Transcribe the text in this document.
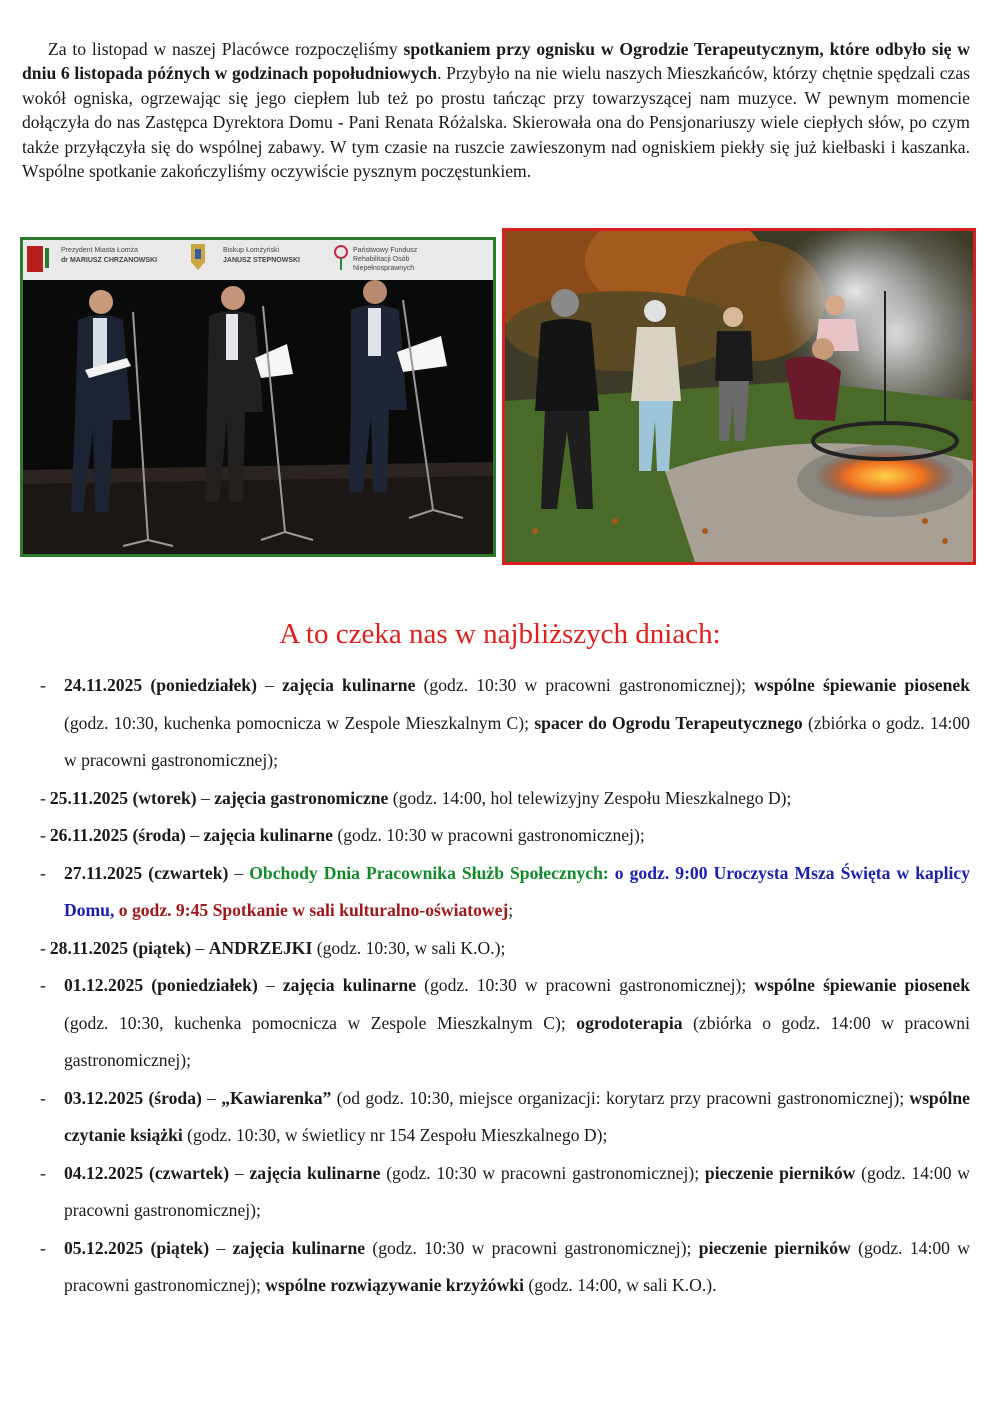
Za to listopad w naszej Placówce rozpoczęliśmy spotkaniem przy ognisku w Ogrodzie Terapeutycznym, które odbyło się w dniu 6 listopada późnych w godzinach popołudniowych. Przybyło na nie wielu naszych Mieszkańców, którzy chętnie spędzali czas wokół ogniska, ogrzewając się jego ciepłem lub też po prostu tańcząc przy towarzyszącej nam muzyce. W pewnym momencie dołączyła do nas Zastępca Dyrektora Domu - Pani Renata Różalska. Skierowała ona do Pensjonariuszy wiele ciepłych słów, po czym także przyłączyła się do wspólnej zabawy. W tym czasie na ruszcie zawieszonym nad ogniskiem piekły się już kiełbaski i kaszanka. Wspólne spotkanie zakończyliśmy oczywiście pysznym poczęstunkiem.

Prezydent Miasta Łomża
dr MARIUSZ CHRZANOWSKI
Biskup Łomżyński
JANUSZ STEPNOWSKI
Państwowy Fundusz
Rehabilitacji Osób
Niepełnosprawnych
A to czeka nas w najbliższych dniach:
- 24.11.2025 (poniedziałek) – zajęcia kulinarne (godz. 10:30 w pracowni gastronomicznej); wspólne śpiewanie piosenek (godz. 10:30, kuchenka pomocnicza w Zespole Mieszkalnym C); spacer do Ogrodu Terapeutycznego (zbiórka o godz. 14:00 w pracowni gastronomicznej);
- 25.11.2025 (wtorek) – zajęcia gastronomiczne (godz. 14:00, hol telewizyjny Zespołu Mieszkalnego D);
- 26.11.2025 (środa) – zajęcia kulinarne (godz. 10:30 w pracowni gastronomicznej);
- 27.11.2025 (czwartek) – Obchody Dnia Pracownika Służb Społecznych: o godz. 9:00 Uroczysta Msza Święta w kaplicy Domu, o godz. 9:45 Spotkanie w sali kulturalno-oświatowej;
- 28.11.2025 (piątek) – ANDRZEJKI (godz. 10:30, w sali K.O.);
- 01.12.2025 (poniedziałek) – zajęcia kulinarne (godz. 10:30 w pracowni gastronomicznej); wspólne śpiewanie piosenek (godz. 10:30, kuchenka pomocnicza w Zespole Mieszkalnym C); ogrodoterapia (zbiórka o godz. 14:00 w pracowni gastronomicznej);
- 03.12.2025 (środa) – „Kawiarenka” (od godz. 10:30, miejsce organizacji: korytarz przy pracowni gastronomicznej); wspólne czytanie książki (godz. 10:30, w świetlicy nr 154 Zespołu Mieszkalnego D);
- 04.12.2025 (czwartek) – zajęcia kulinarne (godz. 10:30 w pracowni gastronomicznej); pieczenie pierników (godz. 14:00 w pracowni gastronomicznej);
- 05.12.2025 (piątek) – zajęcia kulinarne (godz. 10:30 w pracowni gastronomicznej); pieczenie pierników (godz. 14:00 w pracowni gastronomicznej); wspólne rozwiązywanie krzyżówki (godz. 14:00, w sali K.O.).
